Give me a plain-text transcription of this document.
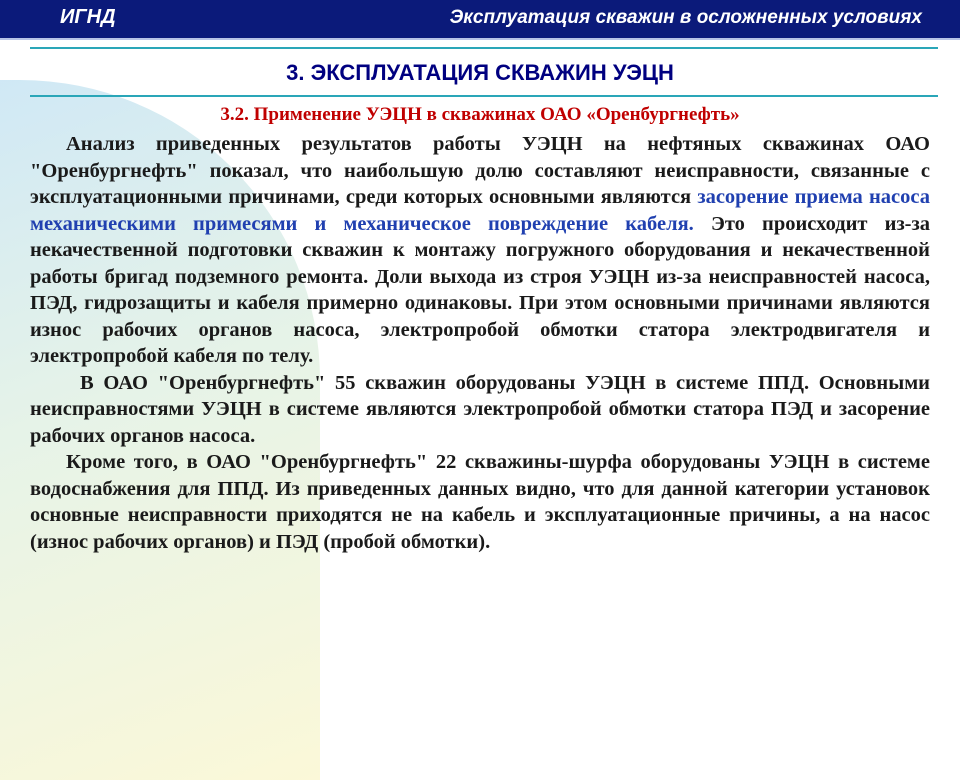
ИГНД	Эксплуатация скважин в осложненных условиях
3. ЭКСПЛУАТАЦИЯ СКВАЖИН УЭЦН
3.2. Применение УЭЦН в скважинах ОАО «Оренбургнефть»

Анализ приведенных результатов работы УЭЦН на нефтяных скважинах ОАО "Оренбургнефть" показал, что наибольшую долю составляют неисправности, связанные с эксплуатационными причинами, среди которых основными являются засорение приема насоса механическими примесями и механическое повреждение кабеля. Это происходит из-за некачественной подготовки скважин к монтажу погружного оборудования и некачественной работы бригад подземного ремонта. Доли выхода из строя УЭЦН из-за неисправностей насоса, ПЭД, гидрозащиты и кабеля примерно одинаковы. При этом основными причинами являются износ рабочих органов насоса, электропробой обмотки статора электродвигателя и электропробой кабеля по телу.

В ОАО "Оренбургнефть" 55 скважин оборудованы УЭЦН в системе ППД. Основными неисправностями УЭЦН в системе являются электропробой обмотки статора ПЭД и засорение рабочих органов насоса.

Кроме того, в ОАО "Оренбургнефть" 22 скважины-шурфа оборудованы УЭЦН в системе водоснабжения для ППД. Из приведенных данных видно, что для данной категории установок основные неисправности приходятся не на кабель и эксплуатационные причины, а на насос (износ рабочих органов) и ПЭД (пробой обмотки).
